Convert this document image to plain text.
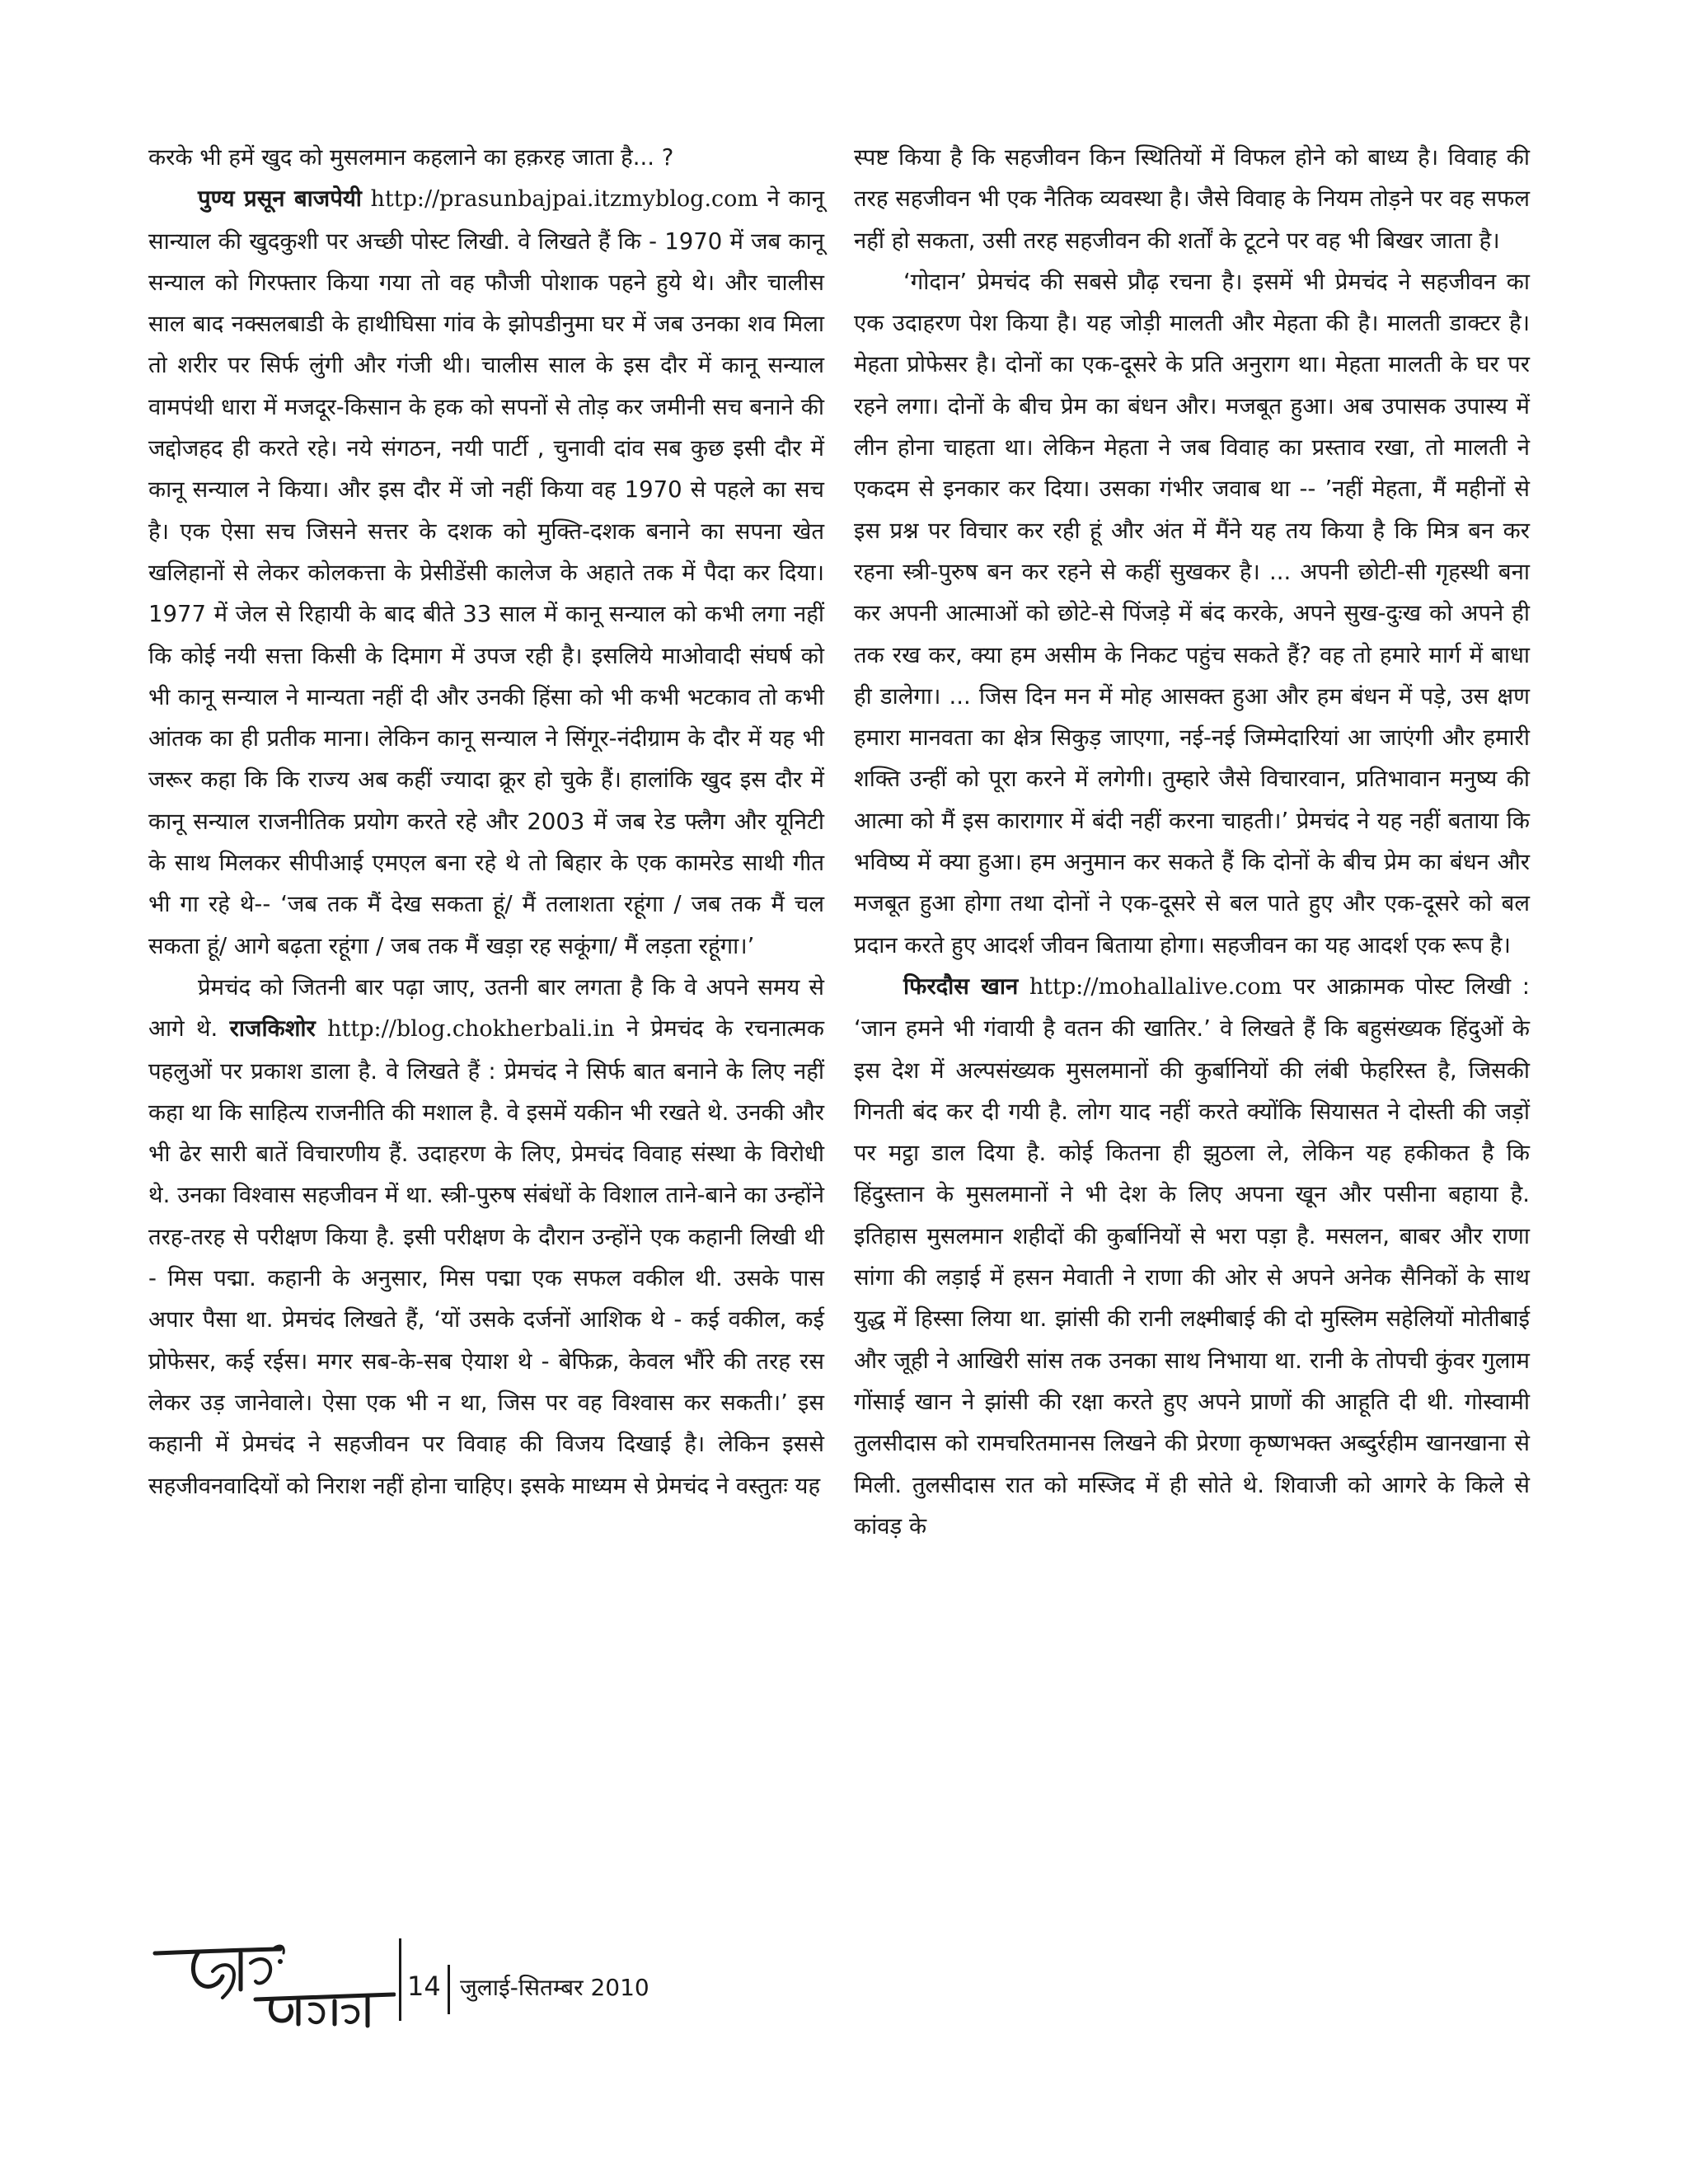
करके भी हमें खुद को मुसलमान कहलाने का हक़रह जाता है... ?

पुण्य प्रसून बाजपेयी http://prasunbajpai.itzmyblog.com ने कानू सान्याल की खुदकुशी पर अच्छी पोस्ट लिखी. वे लिखते हैं कि - 1970 में जब कानू सन्याल को गिरफ्तार किया गया तो वह फौजी पोशाक पहने हुये थे। और चालीस साल बाद नक्सलबाडी के हाथीघिसा गांव के झोपडीनुमा घर में जब उनका शव मिला तो शरीर पर सिर्फ लुंगी और गंजी थी। चालीस साल के इस दौर में कानू सन्याल वामपंथी धारा में मजदूर-किसान के हक को सपनों से तोड़ कर जमीनी सच बनाने की जद्दोजहद ही करते रहे। नये संगठन, नयी पार्टी , चुनावी दांव सब कुछ इसी दौर में कानू सन्याल ने किया। और इस दौर में जो नहीं किया वह 1970 से पहले का सच है। एक ऐसा सच जिसने सत्तर के दशक को मुक्ति-दशक बनाने का सपना खेत खलिहानों से लेकर कोलकत्ता के प्रेसीडेंसी कालेज के अहाते तक में पैदा कर दिया। 1977 में जेल से रिहायी के बाद बीते 33 साल में कानू सन्याल को कभी लगा नहीं कि कोई नयी सत्ता किसी के दिमाग में उपज रही है। इसलिये माओवादी संघर्ष को भी कानू सन्याल ने मान्यता नहीं दी और उनकी हिंसा को भी कभी भटकाव तो कभी आंतक का ही प्रतीक माना। लेकिन कानू सन्याल ने सिंगूर-नंदीग्राम के दौर में यह भी जरूर कहा कि कि राज्य अब कहीं ज्यादा क्रूर हो चुके हैं। हालांकि खुद इस दौर में कानू सन्याल राजनीतिक प्रयोग करते रहे और 2003 में जब रेड फ्लैग और यूनिटी के साथ मिलकर सीपीआई एमएल बना रहे थे तो बिहार के एक कामरेड साथी गीत भी गा रहे थे-- ‘जब तक मैं देख सकता हूं/ मैं तलाशता रहूंगा / जब तक मैं चल सकता हूं/ आगे बढ़ता रहूंगा / जब तक मैं खड़ा रह सकूंगा/ मैं लड़ता रहूंगा।’

प्रेमचंद को जितनी बार पढ़ा जाए, उतनी बार लगता है कि वे अपने समय से आगे थे. राजकिशोर http://blog.chokherbali.in ने प्रेमचंद के रचनात्मक पहलुओं पर प्रकाश डाला है. वे लिखते हैं : प्रेमचंद ने सिर्फ बात बनाने के लिए नहीं कहा था कि साहित्य राजनीति की मशाल है. वे इसमें यकीन भी रखते थे. उनकी और भी ढेर सारी बातें विचारणीय हैं. उदाहरण के लिए, प्रेमचंद विवाह संस्था के विरोधी थे. उनका विश्वास सहजीवन में था. स्त्री-पुरुष संबंधों के विशाल ताने-बाने का उन्होंने तरह-तरह से परीक्षण किया है. इसी परीक्षण के दौरान उन्होंने एक कहानी लिखी थी - मिस पद्मा. कहानी के अनुसार, मिस पद्मा एक सफल वकील थी. उसके पास अपार पैसा था. प्रेमचंद लिखते हैं, ‘यों उसके दर्जनों आशिक थे - कई वकील, कई प्रोफेसर, कई रईस। मगर सब-के-सब ऐयाश थे - बेफिक्र, केवल भौंरे की तरह रस लेकर उड़ जानेवाले। ऐसा एक भी न था, जिस पर वह विश्वास कर सकती।’ इस कहानी में प्रेमचंद ने सहजीवन पर विवाह की विजय दिखाई है। लेकिन इससे सहजीवनवादियों को निराश नहीं होना चाहिए। इसके माध्यम से प्रेमचंद ने वस्तुतः यह

स्पष्ट किया है कि सहजीवन किन स्थितियों में विफल होने को बाध्य है। विवाह की तरह सहजीवन भी एक नैतिक व्यवस्था है। जैसे विवाह के नियम तोड़ने पर वह सफल नहीं हो सकता, उसी तरह सहजीवन की शर्तों के टूटने पर वह भी बिखर जाता है।

‘गोदान’ प्रेमचंद की सबसे प्रौढ़ रचना है। इसमें भी प्रेमचंद ने सहजीवन का एक उदाहरण पेश किया है। यह जोड़ी मालती और मेहता की है। मालती डाक्टर है। मेहता प्रोफेसर है। दोनों का एक-दूसरे के प्रति अनुराग था। मेहता मालती के घर पर रहने लगा। दोनों के बीच प्रेम का बंधन और। मजबूत हुआ। अब उपासक उपास्य में लीन होना चाहता था। लेकिन मेहता ने जब विवाह का प्रस्ताव रखा, तो मालती ने एकदम से इनकार कर दिया। उसका गंभीर जवाब था -- ’नहीं मेहता, मैं महीनों से इस प्रश्न पर विचार कर रही हूं और अंत में मैंने यह तय किया है कि मित्र बन कर रहना स्त्री-पुरुष बन कर रहने से कहीं सुखकर है। ... अपनी छोटी-सी गृहस्थी बना कर अपनी आत्माओं को छोटे-से पिंजड़े में बंद करके, अपने सुख-दुःख को अपने ही तक रख कर, क्या हम असीम के निकट पहुंच सकते हैं? वह तो हमारे मार्ग में बाधा ही डालेगा। ... जिस दिन मन में मोह आसक्त हुआ और हम बंधन में पड़े, उस क्षण हमारा मानवता का क्षेत्र सिकुड़ जाएगा, नई-नई जिम्मेदारियां आ जाएंगी और हमारी शक्ति उन्हीं को पूरा करने में लगेगी। तुम्हारे जैसे विचारवान, प्रतिभावान मनुष्य की आत्मा को मैं इस कारागार में बंदी नहीं करना चाहती।’ प्रेमचंद ने यह नहीं बताया कि भविष्य में क्या हुआ। हम अनुमान कर सकते हैं कि दोनों के बीच प्रेम का बंधन और मजबूत हुआ होगा तथा दोनों ने एक-दूसरे से बल पाते हुए और एक-दूसरे को बल प्रदान करते हुए आदर्श जीवन बिताया होगा। सहजीवन का यह आदर्श एक रूप है।

फिरदौस खान http://mohallalive.com पर आक्रामक पोस्ट लिखी : ‘जान हमने भी गंवायी है वतन की खातिर.’ वे लिखते हैं कि बहुसंख्यक हिंदुओं के इस देश में अल्पसंख्यक मुसलमानों की कुर्बानियों की लंबी फेहरिस्त है, जिसकी गिनती बंद कर दी गयी है. लोग याद नहीं करते क्योंकि सियासत ने दोस्ती की जड़ों पर मट्ठा डाल दिया है. कोई कितना ही झुठला ले, लेकिन यह हकीकत है कि हिंदुस्तान के मुसलमानों ने भी देश के लिए अपना खून और पसीना बहाया है. इतिहास मुसलमान शहीदों की कुर्बानियों से भरा पड़ा है. मसलन, बाबर और राणा सांगा की लड़ाई में हसन मेवाती ने राणा की ओर से अपने अनेक सैनिकों के साथ युद्ध में हिस्सा लिया था. झांसी की रानी लक्ष्मीबाई की दो मुस्लिम सहेलियों मोतीबाई और जूही ने आखिरी सांस तक उनका साथ निभाया था. रानी के तोपची कुंवर गुलाम गोंसाई खान ने झांसी की रक्षा करते हुए अपने प्राणों की आहूति दी थी. गोस्वामी तुलसीदास को रामचरितमानस लिखने की प्रेरणा कृष्णभक्त अब्दुर्रहीम खानखाना से मिली. तुलसीदास रात को मस्जिद में ही सोते थे. शिवाजी को आगरे के किले से कांवड़ के

14 जुलाई-सितम्बर 2010
